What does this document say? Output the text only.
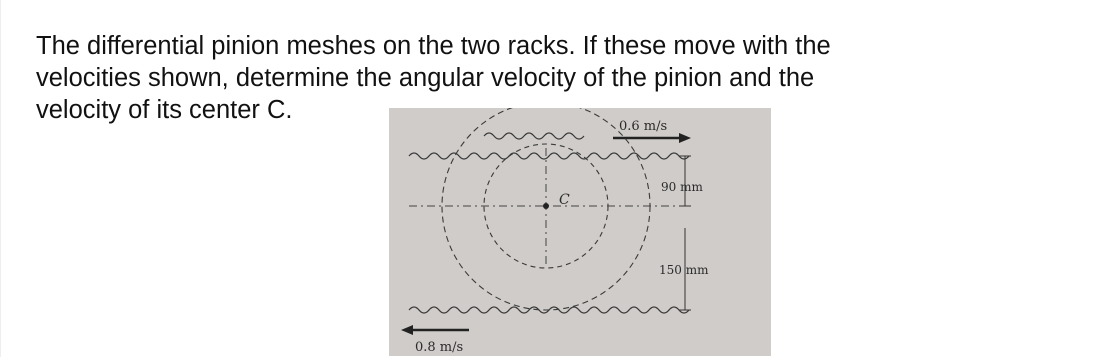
The differential pinion meshes on the two racks. If these move with the
velocities shown, determine the angular velocity of the pinion and the
velocity of its center C.
0.6 m/s
C
90 mm
150 mm
0.8 m/s
